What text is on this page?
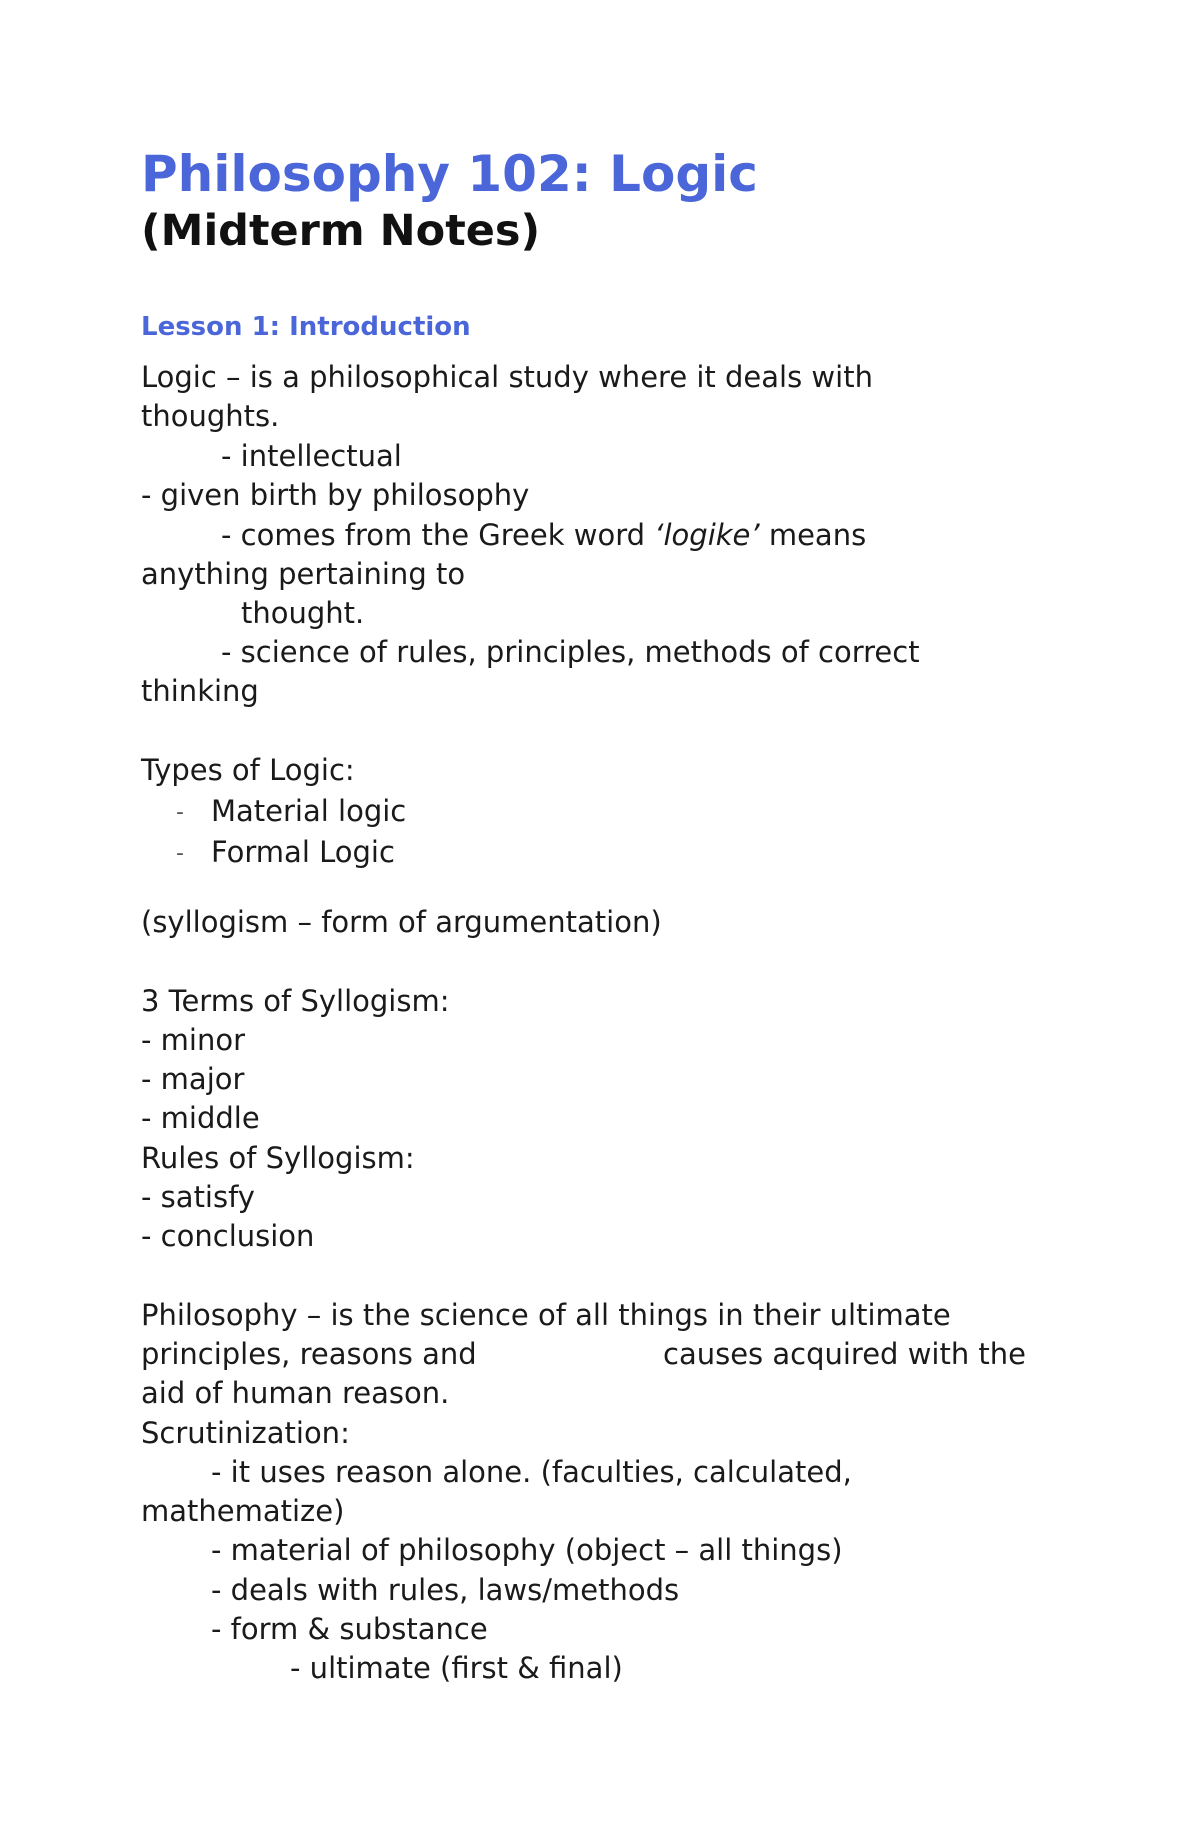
Philosophy 102: Logic
(Midterm Notes)
Lesson 1: Introduction

Logic – is a philosophical study where it deals with

thoughts.

- intellectual

- given birth by philosophy

- comes from the Greek word ‘logike’ means

anything pertaining to

thought.

- science of rules, principles, methods of correct

thinking

Types of Logic:

- Material logic
- Formal Logic

(syllogism – form of argumentation)

3 Terms of Syllogism:

- minor

- major

- middle

Rules of Syllogism:

- satisfy

- conclusion

Philosophy – is the science of all things in their ultimate

principles, reasons and	causes acquired with the

aid of human reason.

Scrutinization:

- it uses reason alone. (faculties, calculated,

mathematize)

- material of philosophy (object – all things)

- deals with rules, laws/methods

- form & substance

- ultimate (first & final)
